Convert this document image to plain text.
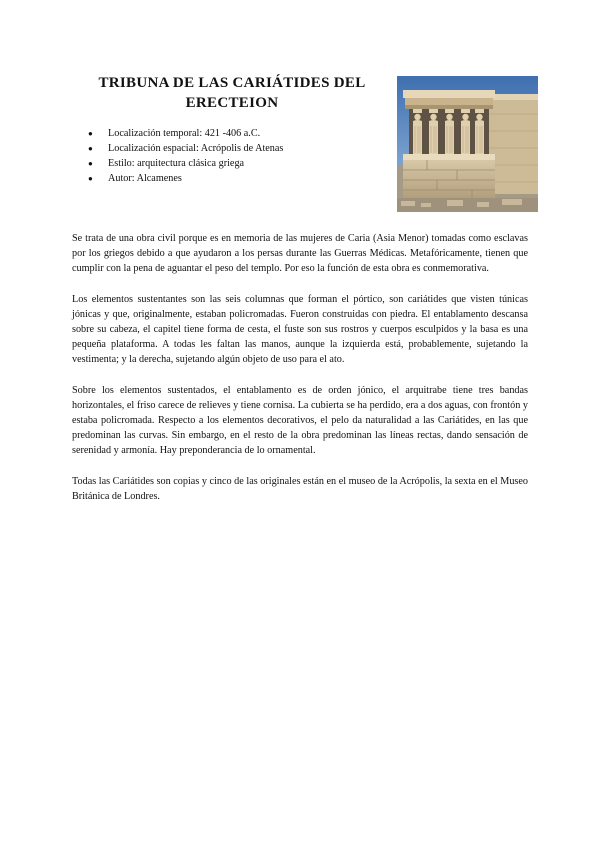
TRIBUNA DE LAS CARIÁTIDES DEL ERECTEION
●	Localización temporal: 421 -406 a.C.
●	Localización espacial: Acrópolis de Atenas
●	Estilo: arquitectura clásica griega
●	Autor: Alcamenes

Se trata de una obra civil porque es en memoria de las mujeres de Caria (Asia Menor) tomadas como esclavas por los griegos debido a que ayudaron a los persas durante las Guerras Médicas. Metafóricamente, tienen que cumplir con la pena de aguantar el peso del templo. Por eso la función de esta obra es conmemorativa.

Los elementos sustentantes son las seis columnas que forman el pórtico, son cariátides que visten túnicas jónicas y que, originalmente, estaban policromadas. Fueron construidas con piedra. El entablamento descansa sobre su cabeza, el capitel tiene forma de cesta, el fuste son sus rostros y cuerpos esculpidos y la basa es una pequeña plataforma. A todas les faltan las manos, aunque la izquierda está, probablemente, sujetando la vestimenta; y la derecha, sujetando algún objeto de uso para el ato.

Sobre los elementos sustentados, el entablamento es de orden jónico, el arquitrabe tiene tres bandas horizontales, el friso carece de relieves y tiene cornisa. La cubierta se ha perdido, era a dos aguas, con frontón y estaba policromada. Respecto a los elementos decorativos, el pelo da naturalidad a las Cariátides, en las que predominan las curvas. Sin embargo, en el resto de la obra predominan las líneas rectas, dando sensación de serenidad y armonía. Hay preponderancia de lo ornamental.

Todas las Cariátides son copias y cinco de las originales están en el museo de la Acrópolis, la sexta en el Museo Británica de Londres.
